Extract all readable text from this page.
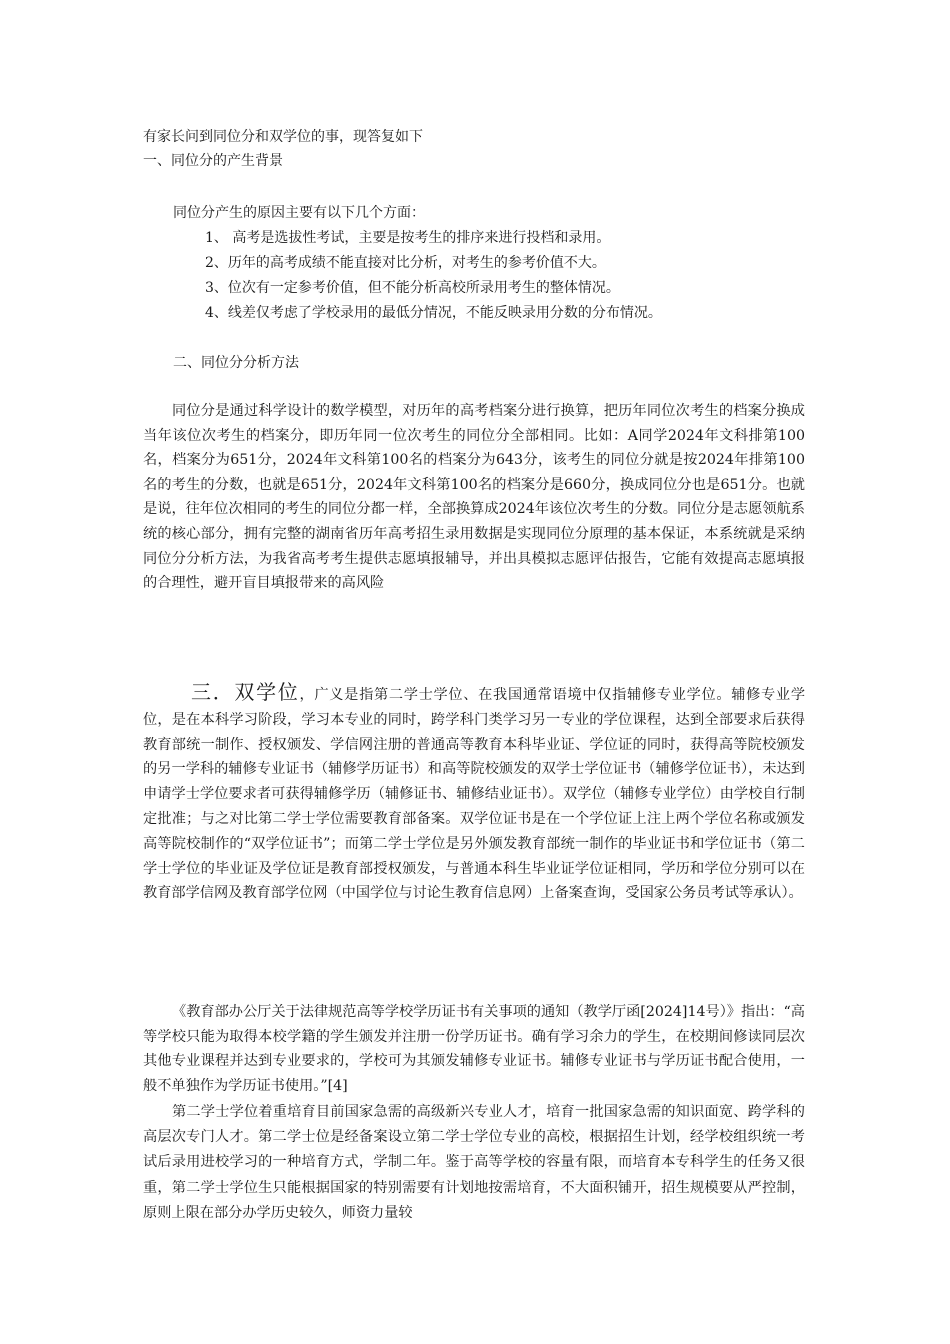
有家长问到同位分和双学位的事，现答复如下
一、同位分的产生背景
同位分产生的原因主要有以下几个方面：
1、 高考是选拔性考试，主要是按考生的排序来进行投档和录用。
2、历年的高考成绩不能直接对比分析，对考生的参考价值不大。
3、位次有一定参考价值，但不能分析高校所录用考生的整体情况。
4、线差仅考虑了学校录用的最低分情况，不能反映录用分数的分布情况。
二、同位分分析方法

同位分是通过科学设计的数学模型，对历年的高考档案分进行换算，把历年同位次考生的档案分换成当年该位次考生的档案分，即历年同一位次考生的同位分全部相同。比如：A同学2024年文科排第100名，档案分为651分，2024年文科第100名的档案分为643分，该考生的同位分就是按2024年排第100名的考生的分数，也就是651分，2024年文科第100名的档案分是660分，换成同位分也是651分。也就是说，往年位次相同的考生的同位分都一样，全部换算成2024年该位次考生的分数。同位分是志愿领航系统的核心部分，拥有完整的湖南省历年高考招生录用数据是实现同位分原理的基本保证，本系统就是采纳同位分分析方法，为我省高考考生提供志愿填报辅导，并出具模拟志愿评估报告，它能有效提高志愿填报的合理性，避开盲目填报带来的高风险

三．双学位，广义是指第二学士学位、在我国通常语境中仅指辅修专业学位。辅修专业学位，是在本科学习阶段，学习本专业的同时，跨学科门类学习另一专业的学位课程，达到全部要求后获得教育部统一制作、授权颁发、学信网注册的普通高等教育本科毕业证、学位证的同时，获得高等院校颁发的另一学科的辅修专业证书（辅修学历证书）和高等院校颁发的双学士学位证书（辅修学位证书），未达到申请学士学位要求者可获得辅修学历（辅修证书、辅修结业证书）。双学位（辅修专业学位）由学校自行制定批准；与之对比第二学士学位需要教育部备案。双学位证书是在一个学位证上注上两个学位名称或颁发高等院校制作的“双学位证书”；而第二学士学位是另外颁发教育部统一制作的毕业证书和学位证书（第二学士学位的毕业证及学位证是教育部授权颁发，与普通本科生毕业证学位证相同，学历和学位分别可以在教育部学信网及教育部学位网（中国学位与讨论生教育信息网）上备案查询，受国家公务员考试等承认）。

《教育部办公厅关于法律规范高等学校学历证书有关事项的通知（教学厅函[2024]14号）》指出：“高等学校只能为取得本校学籍的学生颁发并注册一份学历证书。确有学习余力的学生，在校期间修读同层次其他专业课程并达到专业要求的，学校可为其颁发辅修专业证书。辅修专业证书与学历证书配合使用，一般不单独作为学历证书使用。”[4]

第二学士学位着重培育目前国家急需的高级新兴专业人才，培育一批国家急需的知识面宽、跨学科的高层次专门人才。第二学士位是经备案设立第二学士学位专业的高校，根据招生计划，经学校组织统一考试后录用进校学习的一种培育方式，学制二年。鉴于高等学校的容量有限，而培育本专科学生的任务又很重，第二学士学位生只能根据国家的特别需要有计划地按需培育，不大面积铺开，招生规模要从严控制，原则上限在部分办学历史较久，师资力量较
